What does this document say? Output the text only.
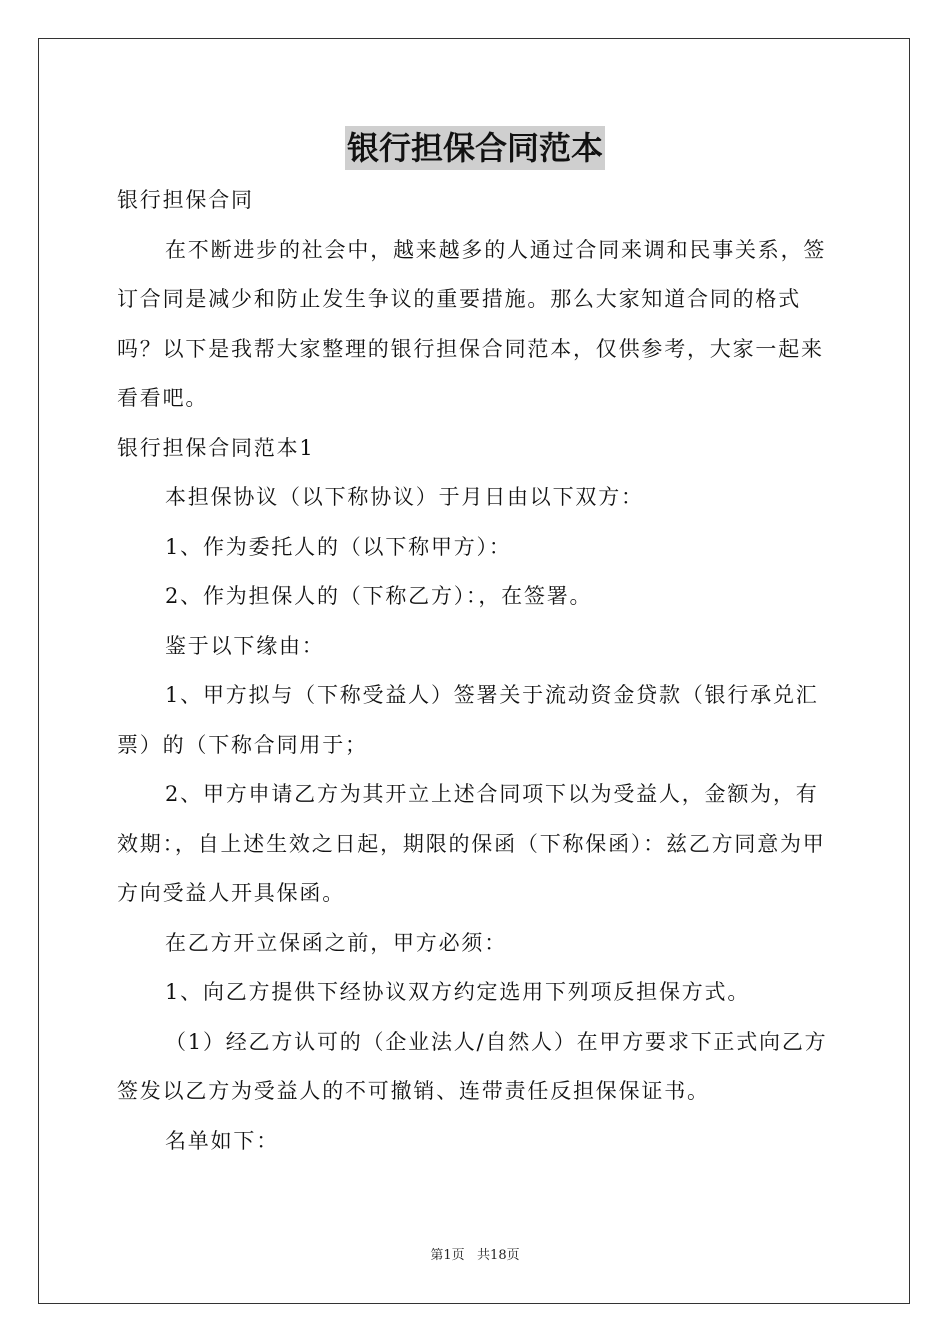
银行担保合同范本

银行担保合同

在不断进步的社会中，越来越多的人通过合同来调和民事关系，签订合同是减少和防止发生争议的重要措施。那么大家知道合同的格式吗？以下是我帮大家整理的银行担保合同范本，仅供参考，大家一起来看看吧。

银行担保合同范本1

本担保协议（以下称协议）于月日由以下双方：

1、作为委托人的（以下称甲方）：

2、作为担保人的（下称乙方）：，在签署。

鉴于以下缘由：

1、甲方拟与（下称受益人）签署关于流动资金贷款（银行承兑汇票）的（下称合同用于；

2、甲方申请乙方为其开立上述合同项下以为受益人，金额为，有效期：，自上述生效之日起，期限的保函（下称保函）：兹乙方同意为甲方向受益人开具保函。

在乙方开立保函之前，甲方必须：

1、向乙方提供下经协议双方约定选用下列项反担保方式。

（1）经乙方认可的（企业法人/自然人）在甲方要求下正式向乙方签发以乙方为受益人的不可撤销、连带责任反担保保证书。

名单如下：

第1页   共18页
